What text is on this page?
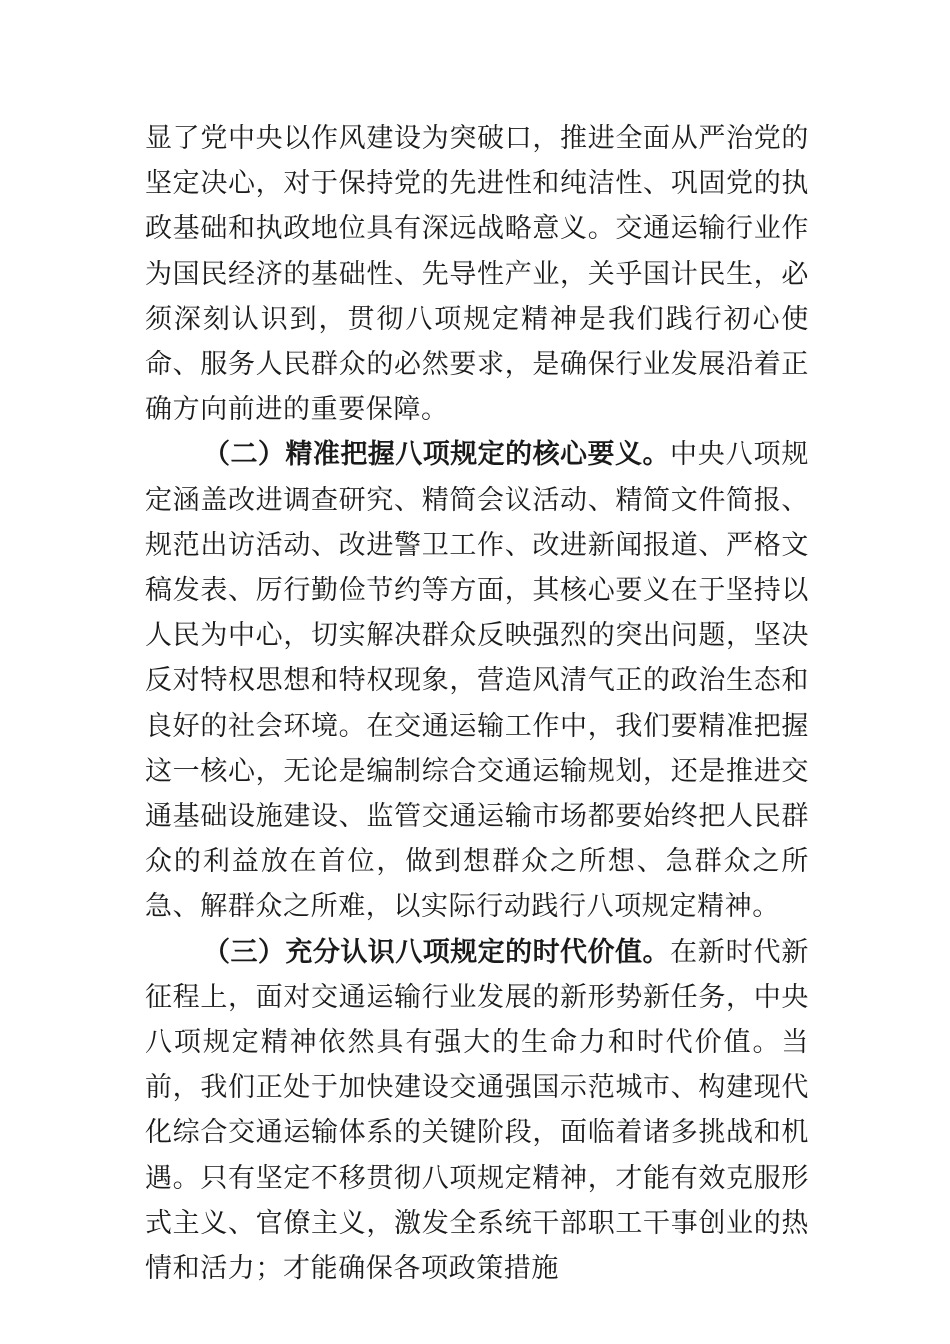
显了党中央以作风建设为突破口，推进全面从严治党的坚定决心，对于保持党的先进性和纯洁性、巩固党的执政基础和执政地位具有深远战略意义。交通运输行业作为国民经济的基础性、先导性产业，关乎国计民生，必须深刻认识到，贯彻八项规定精神是我们践行初心使命、服务人民群众的必然要求，是确保行业发展沿着正确方向前进的重要保障。

（二）精准把握八项规定的核心要义。中央八项规定涵盖改进调查研究、精简会议活动、精简文件简报、规范出访活动、改进警卫工作、改进新闻报道、严格文稿发表、厉行勤俭节约等方面，其核心要义在于坚持以人民为中心，切实解决群众反映强烈的突出问题，坚决反对特权思想和特权现象，营造风清气正的政治生态和良好的社会环境。在交通运输工作中，我们要精准把握这一核心，无论是编制综合交通运输规划，还是推进交通基础设施建设、监管交通运输市场都要始终把人民群众的利益放在首位，做到想群众之所想、急群众之所急、解群众之所难，以实际行动践行八项规定精神。

（三）充分认识八项规定的时代价值。在新时代新征程上，面对交通运输行业发展的新形势新任务，中央八项规定精神依然具有强大的生命力和时代价值。当前，我们正处于加快建设交通强国示范城市、构建现代化综合交通运输体系的关键阶段，面临着诸多挑战和机遇。只有坚定不移贯彻八项规定精神，才能有效克服形式主义、官僚主义，激发全系统干部职工干事创业的热情和活力；才能确保各项政策措施
